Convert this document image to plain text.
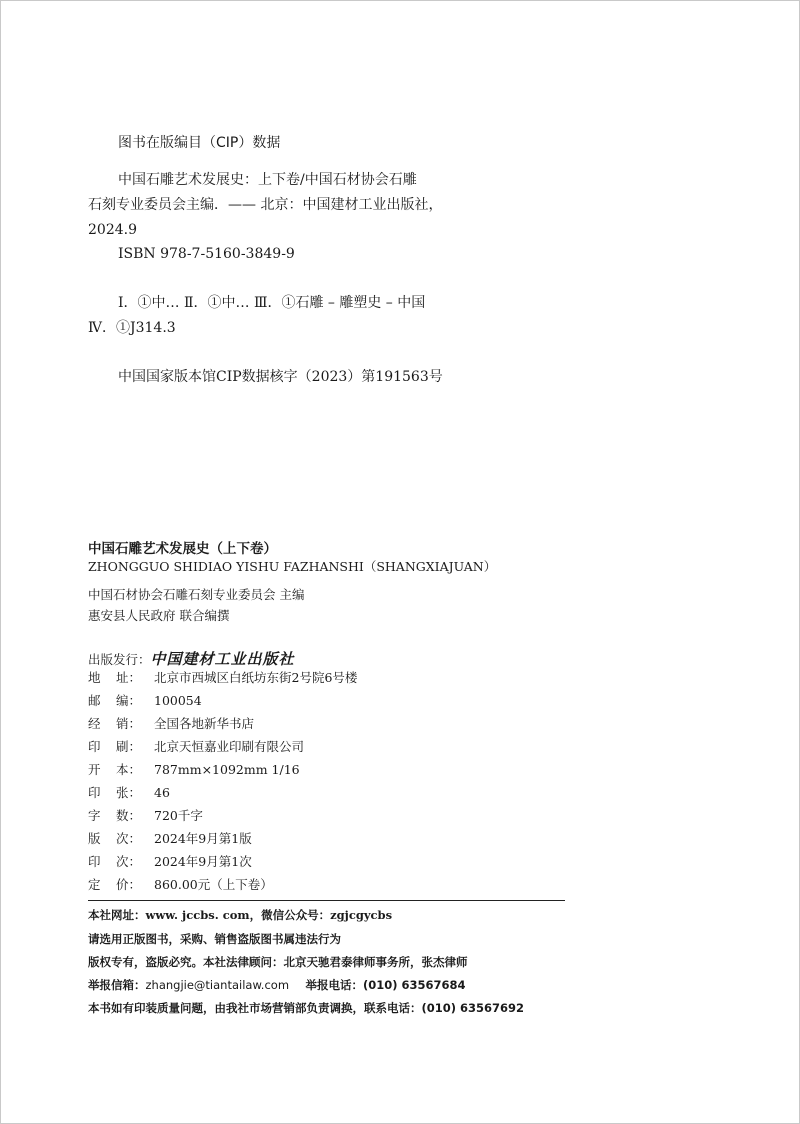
图书在版编目（CIP）数据
中国石雕艺术发展史：上下卷/中国石材协会石雕
石刻专业委员会主编．—— 北京：中国建材工业出版社，
2024.9
ISBN 978-7-5160-3849-9
Ⅰ．①中… Ⅱ．①中… Ⅲ．①石雕 – 雕塑史 – 中国
Ⅳ．①J314.3
中国国家版本馆CIP数据核字（2023）第191563号
中国石雕艺术发展史（上下卷）
ZHONGGUO SHIDIAO YISHU FAZHANSHI（SHANGXIAJUAN）
中国石材协会石雕石刻专业委员会 主编
惠安县人民政府 联合编撰
出版发行：中国建材工业出版社
地 址： 北京市西城区白纸坊东街2号院6号楼
邮 编： 100054
经 销： 全国各地新华书店
印 刷： 北京天恒嘉业印刷有限公司
开 本： 787mm×1092mm 1/16
印 张： 46
字 数： 720千字
版 次： 2024年9月第1版
印 次： 2024年9月第1次
定 价： 860.00元（上下卷）
本社网址：www. jccbs. com，微信公众号：zgjcgycbs
请选用正版图书，采购、销售盗版图书属违法行为
版权专有，盗版必究。本社法律顾问：北京天驰君泰律师事务所，张杰律师
举报信箱：zhangjie@tiantailaw.com 举报电话：(010) 63567684
本书如有印装质量问题，由我社市场营销部负责调换，联系电话：(010) 63567692
